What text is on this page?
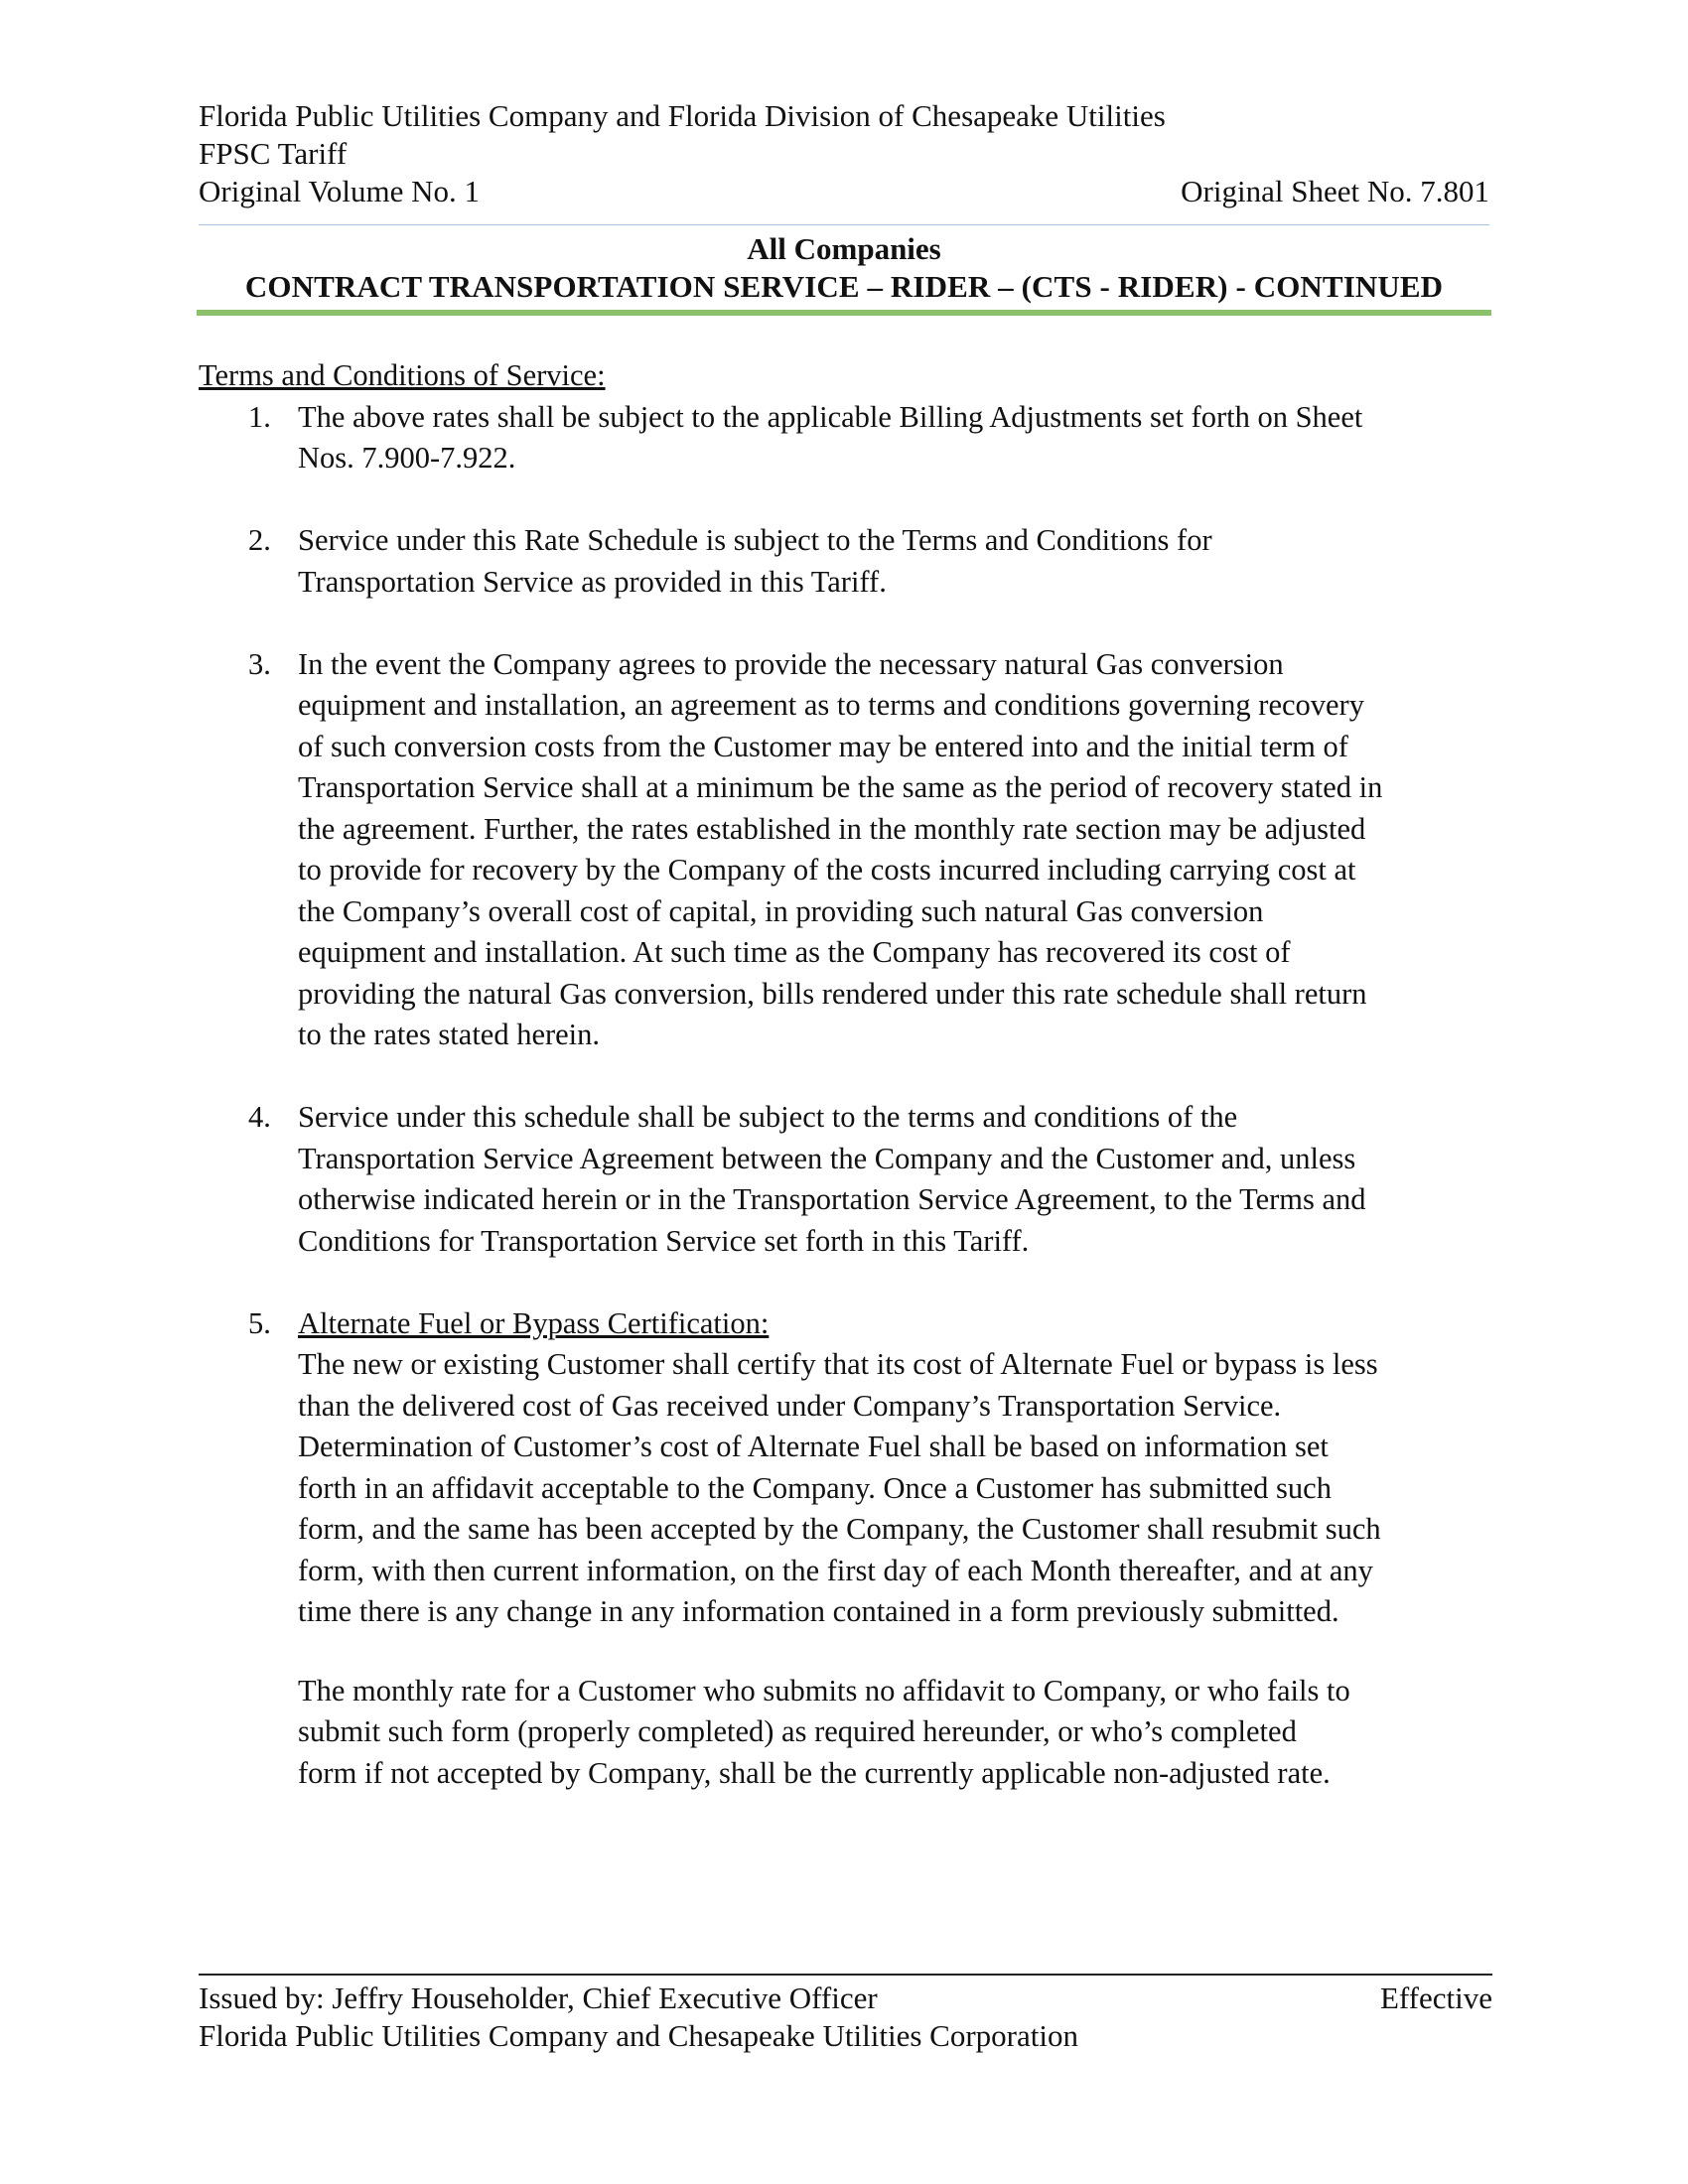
Florida Public Utilities Company and Florida Division of Chesapeake Utilities
FPSC Tariff
Original Volume No. 1	Original Sheet No. 7.801
All Companies
CONTRACT TRANSPORTATION SERVICE – RIDER – (CTS - RIDER) - CONTINUED

Terms and Conditions of Service:

1. The above rates shall be subject to the applicable Billing Adjustments set forth on Sheet
Nos. 7.900-7.922.
2. Service under this Rate Schedule is subject to the Terms and Conditions for
Transportation Service as provided in this Tariff.
3. In the event the Company agrees to provide the necessary natural Gas conversion
equipment and installation, an agreement as to terms and conditions governing recovery
of such conversion costs from the Customer may be entered into and the initial term of
Transportation Service shall at a minimum be the same as the period of recovery stated in
the agreement. Further, the rates established in the monthly rate section may be adjusted
to provide for recovery by the Company of the costs incurred including carrying cost at
the Company’s overall cost of capital, in providing such natural Gas conversion
equipment and installation. At such time as the Company has recovered its cost of
providing the natural Gas conversion, bills rendered under this rate schedule shall return
to the rates stated herein.
4. Service under this schedule shall be subject to the terms and conditions of the
Transportation Service Agreement between the Company and the Customer and, unless
otherwise indicated herein or in the Transportation Service Agreement, to the Terms and
Conditions for Transportation Service set forth in this Tariff.
5. Alternate Fuel or Bypass Certification:
The new or existing Customer shall certify that its cost of Alternate Fuel or bypass is less
than the delivered cost of Gas received under Company’s Transportation Service.
Determination of Customer’s cost of Alternate Fuel shall be based on information set
forth in an affidavit acceptable to the Company. Once a Customer has submitted such
form, and the same has been accepted by the Company, the Customer shall resubmit such
form, with then current information, on the first day of each Month thereafter, and at any
time there is any change in any information contained in a form previously submitted.
The monthly rate for a Customer who submits no affidavit to Company, or who fails to
submit such form (properly completed) as required hereunder, or who’s completed
form if not accepted by Company, shall be the currently applicable non-adjusted rate.
Issued by: Jeffry Householder, Chief Executive Officer	Effective
Florida Public Utilities Company and Chesapeake Utilities Corporation
